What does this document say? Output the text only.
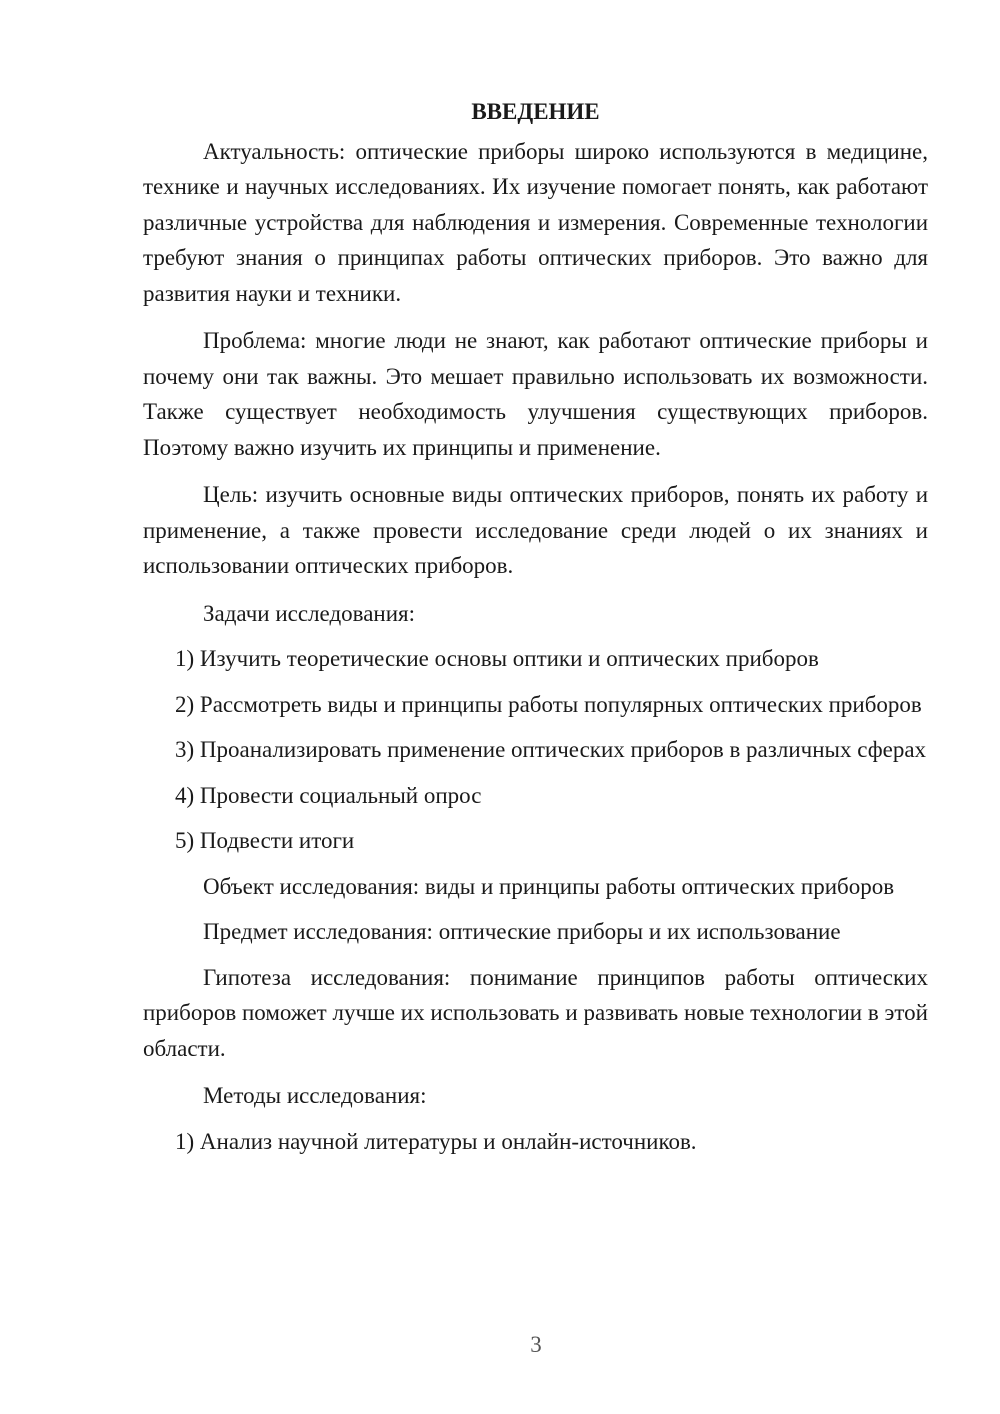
ВВЕДЕНИЕ

Актуальность: оптические приборы широко используются в медицине, технике и научных исследованиях. Их изучение помогает понять, как работают различные устройства для наблюдения и измерения. Современные технологии требуют знания о принципах работы оптических приборов. Это важно для развития науки и техники.

Проблема: многие люди не знают, как работают оптические приборы и почему они так важны. Это мешает правильно использовать их возможности. Также существует необходимость улучшения существующих приборов. Поэтому важно изучить их принципы и применение.

Цель: изучить основные виды оптических приборов, понять их работу и применение, а также провести исследование среди людей о их знаниях и использовании оптических приборов.

Задачи исследования:

1) Изучить теоретические основы оптики и оптических приборов

2) Рассмотреть виды и принципы работы популярных оптических приборов

3) Проанализировать применение оптических приборов в различных сферах

4) Провести социальный опрос

5) Подвести итоги

Объект исследования: виды и принципы работы оптических приборов

Предмет исследования: оптические приборы и их использование

Гипотеза исследования: понимание принципов работы оптических приборов поможет лучше их использовать и развивать новые технологии в этой области.

Методы исследования:

1) Анализ научной литературы и онлайн-источников.

3
